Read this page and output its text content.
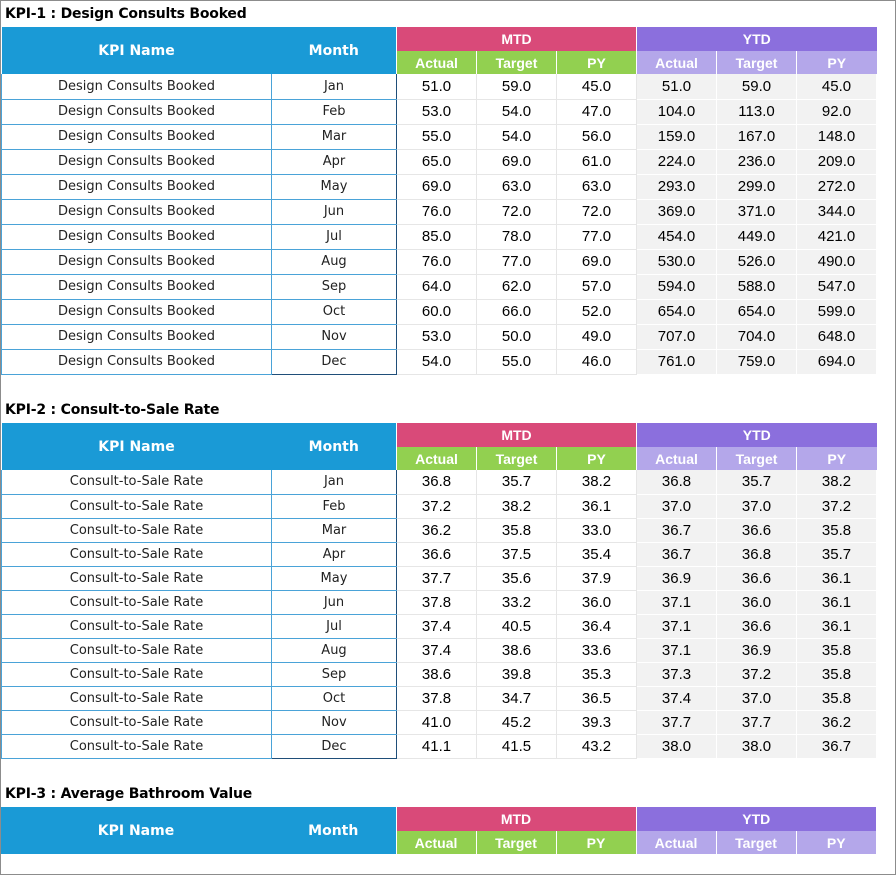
KPI-1 : Design Consults Booked
KPI Name	Month	MTD			YTD		
		Actual	Target	PY	Actual	Target	PY
Design Consults Booked	Jan	51.0	59.0	45.0	51.0	59.0	45.0
Design Consults Booked	Feb	53.0	54.0	47.0	104.0	113.0	92.0
Design Consults Booked	Mar	55.0	54.0	56.0	159.0	167.0	148.0
Design Consults Booked	Apr	65.0	69.0	61.0	224.0	236.0	209.0
Design Consults Booked	May	69.0	63.0	63.0	293.0	299.0	272.0
Design Consults Booked	Jun	76.0	72.0	72.0	369.0	371.0	344.0
Design Consults Booked	Jul	85.0	78.0	77.0	454.0	449.0	421.0
Design Consults Booked	Aug	76.0	77.0	69.0	530.0	526.0	490.0
Design Consults Booked	Sep	64.0	62.0	57.0	594.0	588.0	547.0
Design Consults Booked	Oct	60.0	66.0	52.0	654.0	654.0	599.0
Design Consults Booked	Nov	53.0	50.0	49.0	707.0	704.0	648.0
Design Consults Booked	Dec	54.0	55.0	46.0	761.0	759.0	694.0
KPI-2 : Consult-to-Sale Rate
KPI Name	Month	MTD			YTD		
		Actual	Target	PY	Actual	Target	PY
Consult-to-Sale Rate	Jan	36.8	35.7	38.2	36.8	35.7	38.2
Consult-to-Sale Rate	Feb	37.2	38.2	36.1	37.0	37.0	37.2
Consult-to-Sale Rate	Mar	36.2	35.8	33.0	36.7	36.6	35.8
Consult-to-Sale Rate	Apr	36.6	37.5	35.4	36.7	36.8	35.7
Consult-to-Sale Rate	May	37.7	35.6	37.9	36.9	36.6	36.1
Consult-to-Sale Rate	Jun	37.8	33.2	36.0	37.1	36.0	36.1
Consult-to-Sale Rate	Jul	37.4	40.5	36.4	37.1	36.6	36.1
Consult-to-Sale Rate	Aug	37.4	38.6	33.6	37.1	36.9	35.8
Consult-to-Sale Rate	Sep	38.6	39.8	35.3	37.3	37.2	35.8
Consult-to-Sale Rate	Oct	37.8	34.7	36.5	37.4	37.0	35.8
Consult-to-Sale Rate	Nov	41.0	45.2	39.3	37.7	37.7	36.2
Consult-to-Sale Rate	Dec	41.1	41.5	43.2	38.0	38.0	36.7
KPI-3 : Average Bathroom Value
KPI Name	Month	MTD			YTD		
		Actual	Target	PY	Actual	Target	PY
